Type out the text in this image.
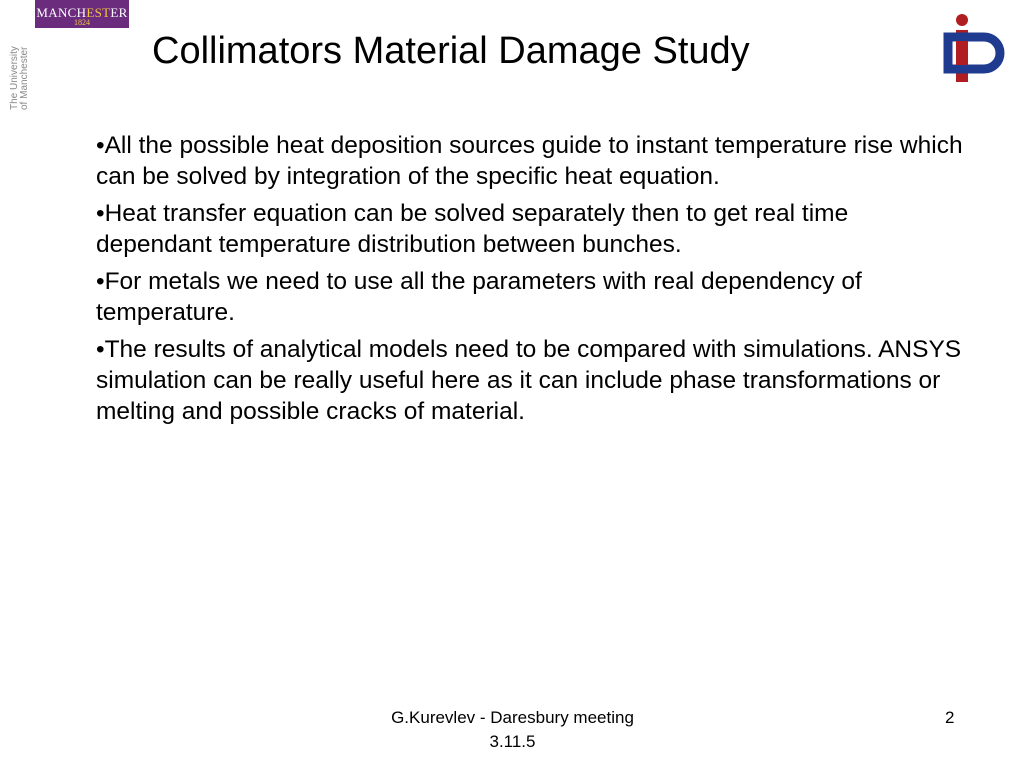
MANCHESTER
1824
The University of Manchester	Collimators Material Damage Study

•All the possible heat deposition sources guide to instant temperature rise which can be solved by integration of the specific heat equation.

•Heat transfer equation can be solved separately then to get real time dependant temperature distribution between bunches.

•For metals we need to use all the parameters with real dependency of temperature.

•The results of analytical models need to be compared with simulations. ANSYS simulation can be really useful here as it can include phase transformations or melting and possible cracks of material.

G.Kurevlev - Daresbury meeting
3.11.5
2
